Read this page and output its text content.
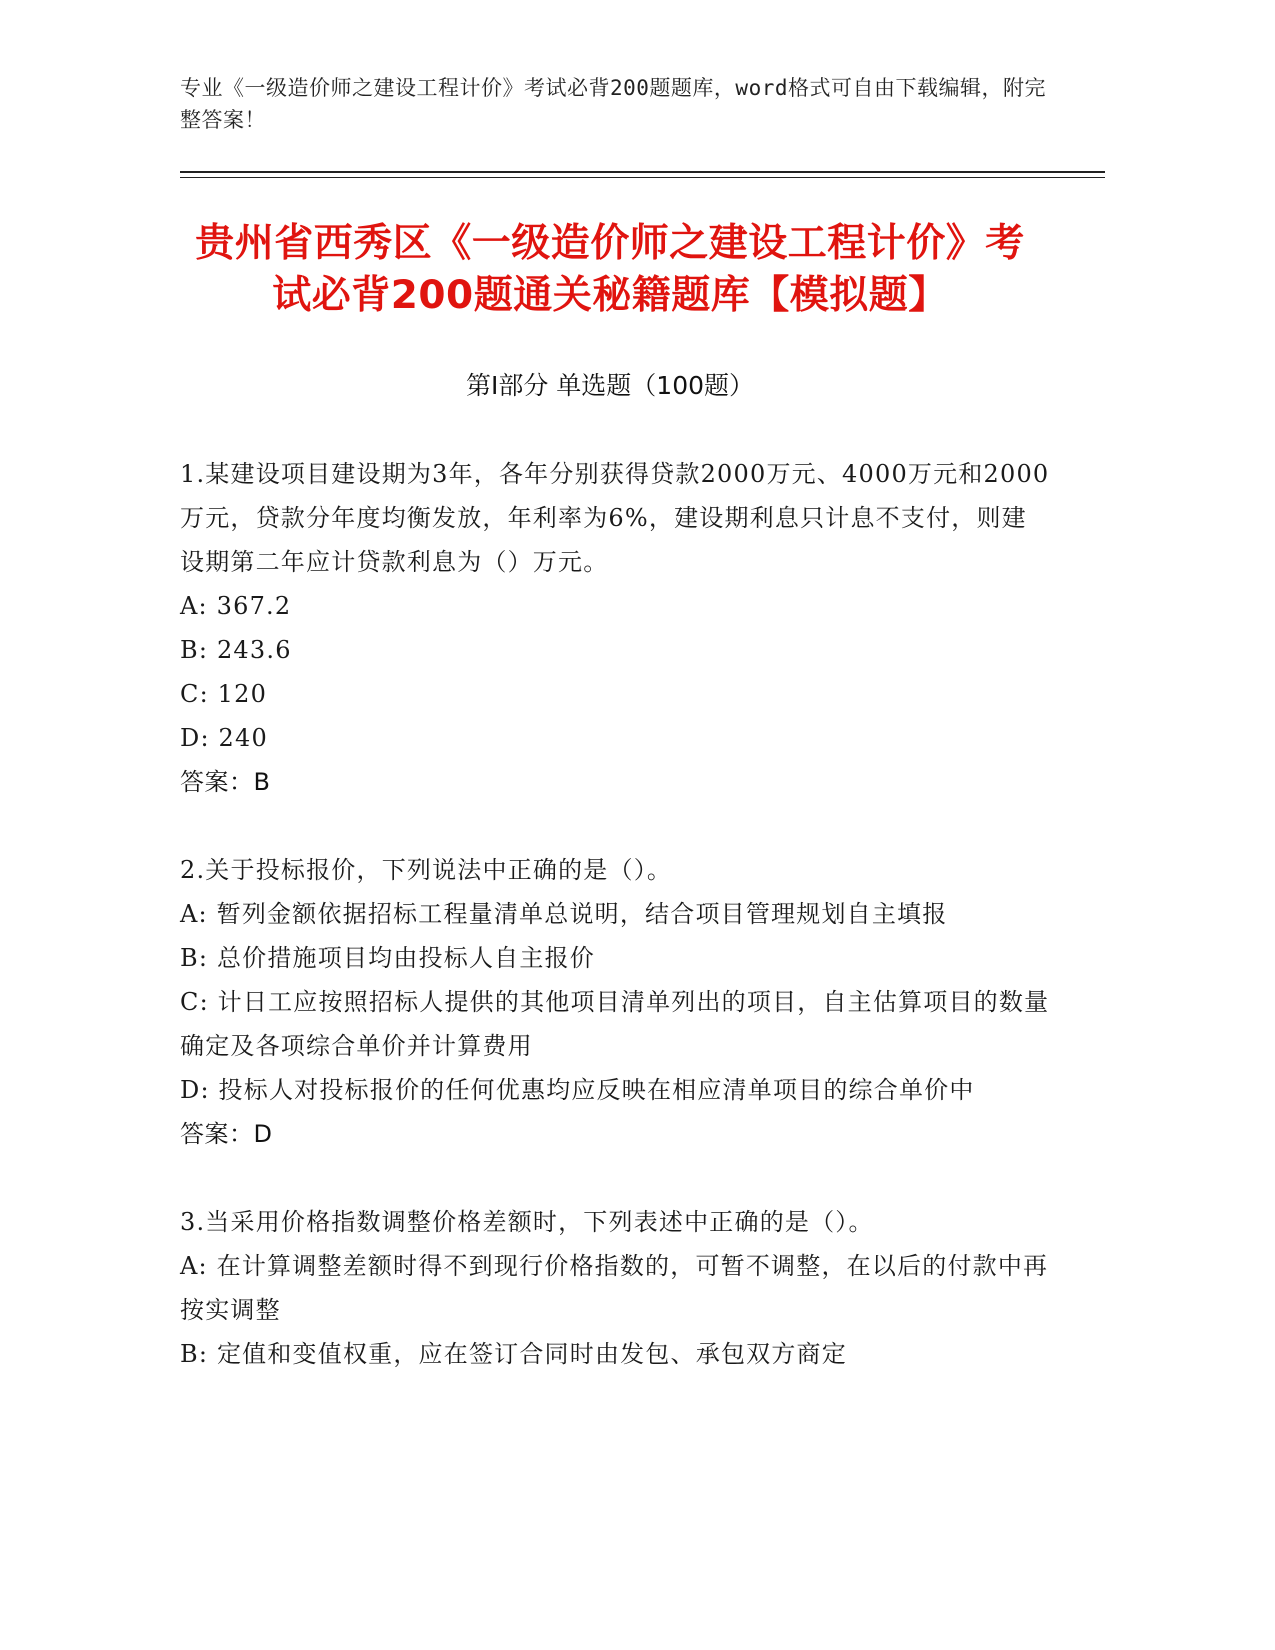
专业《一级造价师之建设工程计价》考试必背200题题库，word格式可自由下载编辑，附完整答案！
贵州省西秀区《一级造价师之建设工程计价》考试必背200题通关秘籍题库【模拟题】
第I部分 单选题（100题）

1.某建设项目建设期为3年，各年分别获得贷款2000万元、4000万元和2000万元，贷款分年度均衡发放，年利率为6%，建设期利息只计息不支付，则建设期第二年应计贷款利息为（）万元。

A: 367.2

B: 243.6

C: 120

D: 240

答案：B

2.关于投标报价，下列说法中正确的是（）。

A: 暂列金额依据招标工程量清单总说明，结合项目管理规划自主填报

B: 总价措施项目均由投标人自主报价

C: 计日工应按照招标人提供的其他项目清单列出的项目，自主估算项目的数量确定及各项综合单价并计算费用

D: 投标人对投标报价的任何优惠均应反映在相应清单项目的综合单价中

答案：D

3.当采用价格指数调整价格差额时，下列表述中正确的是（）。

A: 在计算调整差额时得不到现行价格指数的，可暂不调整，在以后的付款中再按实调整

B: 定值和变值权重，应在签订合同时由发包、承包双方商定
